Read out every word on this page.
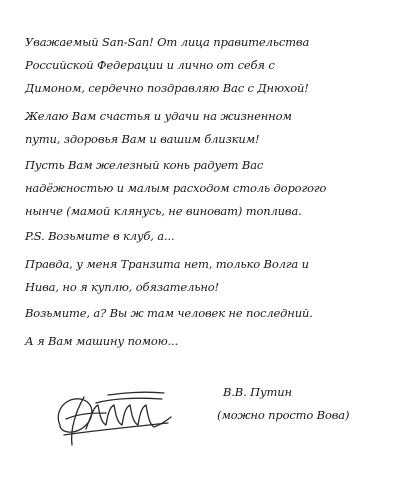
Уважаемый San-San! От лица правительства
Российской Федерации и лично от себя с
Димоном, сердечно поздравляю Вас с Днюхой!
Желаю Вам счастья и удачи на жизненном
пути, здоровья Вам и вашим близким!
Пусть Вам железный конь радует Вас
надёжностью и малым расходом столь дорогого
нынче (мамой клянусь, не виноват) топлива.
P.S. Возьмите в клуб, а...
Правда, у меня Транзита нет, только Волга и
Нива, но я куплю, обязательно!
Возьмите, а? Вы ж там человек не последний.
А я Вам машину помою...
В.В. Путин
(можно просто Вова)
